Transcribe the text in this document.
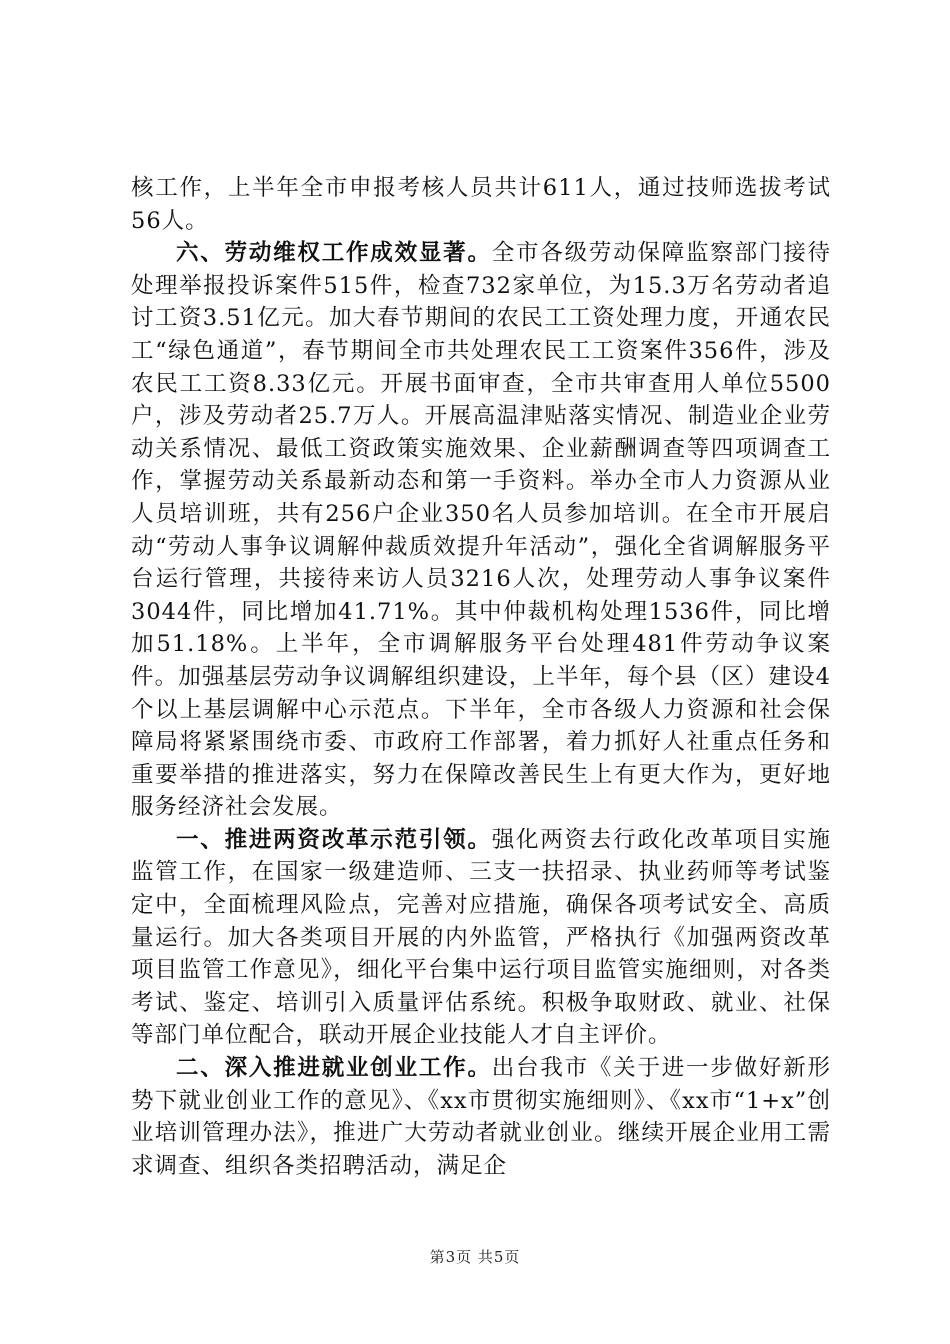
核工作，上半年全市申报考核人员共计611人，通过技师选拔考试56人。

六、劳动维权工作成效显著。全市各级劳动保障监察部门接待处理举报投诉案件515件，检查732家单位，为15.3万名劳动者追讨工资3.51亿元。加大春节期间的农民工工资处理力度，开通农民工“绿色通道”，春节期间全市共处理农民工工资案件356件，涉及农民工工资8.33亿元。开展书面审查，全市共审查用人单位5500户，涉及劳动者25.7万人。开展高温津贴落实情况、制造业企业劳动关系情况、最低工资政策实施效果、企业薪酬调查等四项调查工作，掌握劳动关系最新动态和第一手资料。举办全市人力资源从业人员培训班，共有256户企业350名人员参加培训。在全市开展启动“劳动人事争议调解仲裁质效提升年活动”，强化全省调解服务平台运行管理，共接待来访人员3216人次，处理劳动人事争议案件3044件，同比增加41.71%。其中仲裁机构处理1536件，同比增加51.18%。上半年，全市调解服务平台处理481件劳动争议案件。加强基层劳动争议调解组织建设，上半年，每个县（区）建设4个以上基层调解中心示范点。下半年，全市各级人力资源和社会保障局将紧紧围绕市委、市政府工作部署，着力抓好人社重点任务和重要举措的推进落实，努力在保障改善民生上有更大作为，更好地服务经济社会发展。

一、推进两资改革示范引领。强化两资去行政化改革项目实施监管工作，在国家一级建造师、三支一扶招录、执业药师等考试鉴定中，全面梳理风险点，完善对应措施，确保各项考试安全、高质量运行。加大各类项目开展的内外监管，严格执行《加强两资改革项目监管工作意见》，细化平台集中运行项目监管实施细则，对各类考试、鉴定、培训引入质量评估系统。积极争取财政、就业、社保等部门单位配合，联动开展企业技能人才自主评价。

二、深入推进就业创业工作。出台我市《关于进一步做好新形势下就业创业工作的意见》、《xx市贯彻实施细则》、《xx市“1+x”创业培训管理办法》，推进广大劳动者就业创业。继续开展企业用工需求调查、组织各类招聘活动，满足企

第3页 共5页
